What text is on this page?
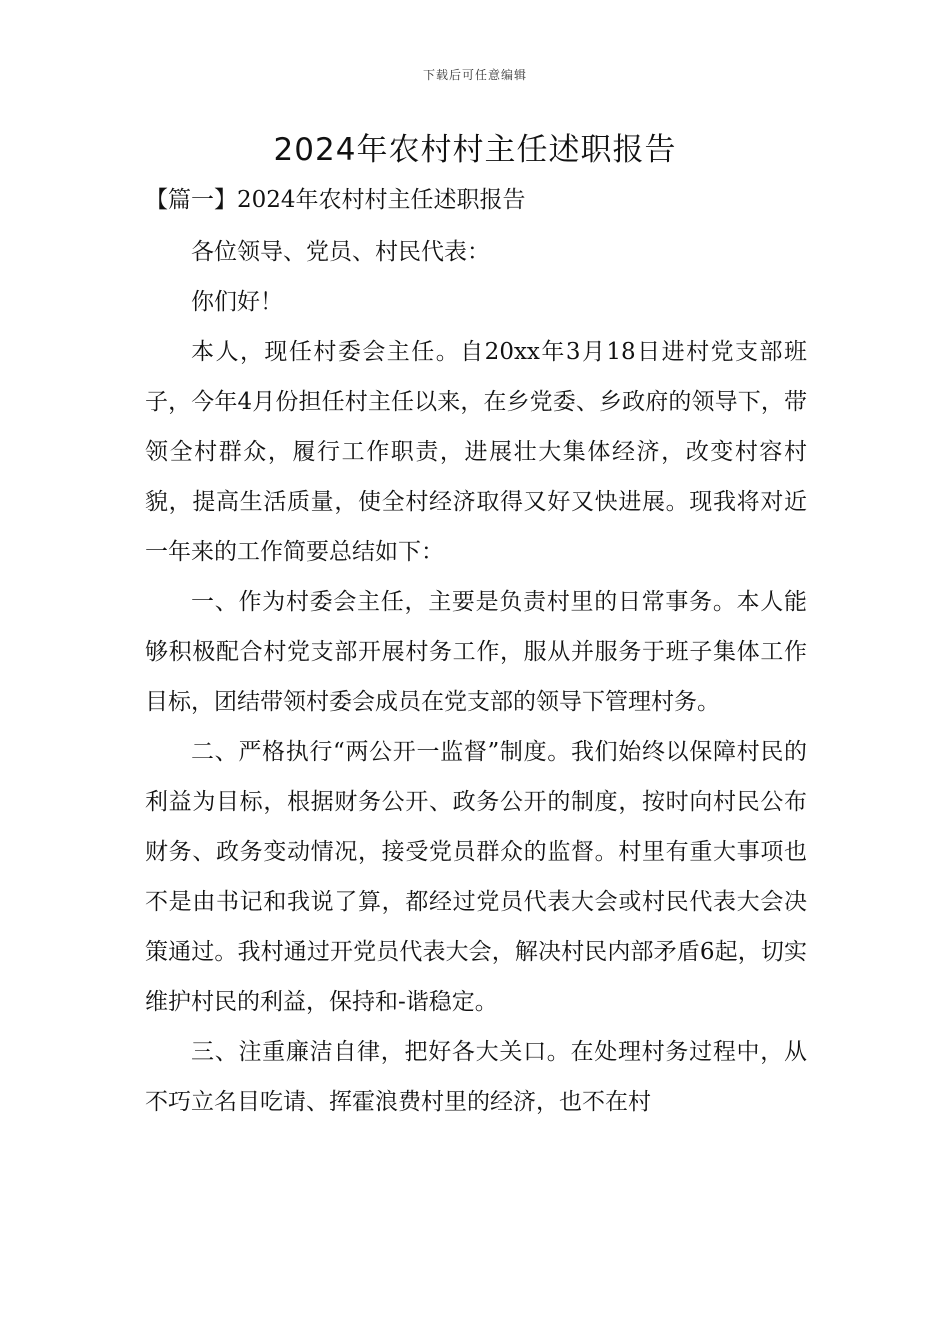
下载后可任意编辑
2024年农村村主任述职报告
【篇一】2024年农村村主任述职报告

各位领导、党员、村民代表：

你们好！

本人，现任村委会主任。自20xx年3月18日进村党支部班子，今年4月份担任村主任以来，在乡党委、乡政府的领导下，带领全村群众，履行工作职责，进展壮大集体经济，改变村容村貌，提高生活质量，使全村经济取得又好又快进展。现我将对近一年来的工作简要总结如下：

一、作为村委会主任，主要是负责村里的日常事务。本人能够积极配合村党支部开展村务工作，服从并服务于班子集体工作目标，团结带领村委会成员在党支部的领导下管理村务。

二、严格执行“两公开一监督”制度。我们始终以保障村民的利益为目标，根据财务公开、政务公开的制度，按时向村民公布财务、政务变动情况，接受党员群众的监督。村里有重大事项也不是由书记和我说了算，都经过党员代表大会或村民代表大会决策通过。我村通过开党员代表大会，解决村民内部矛盾6起，切实维护村民的利益，保持和-谐稳定。

三、注重廉洁自律，把好各大关口。在处理村务过程中，从不巧立名目吃请、挥霍浪费村里的经济，也不在村
